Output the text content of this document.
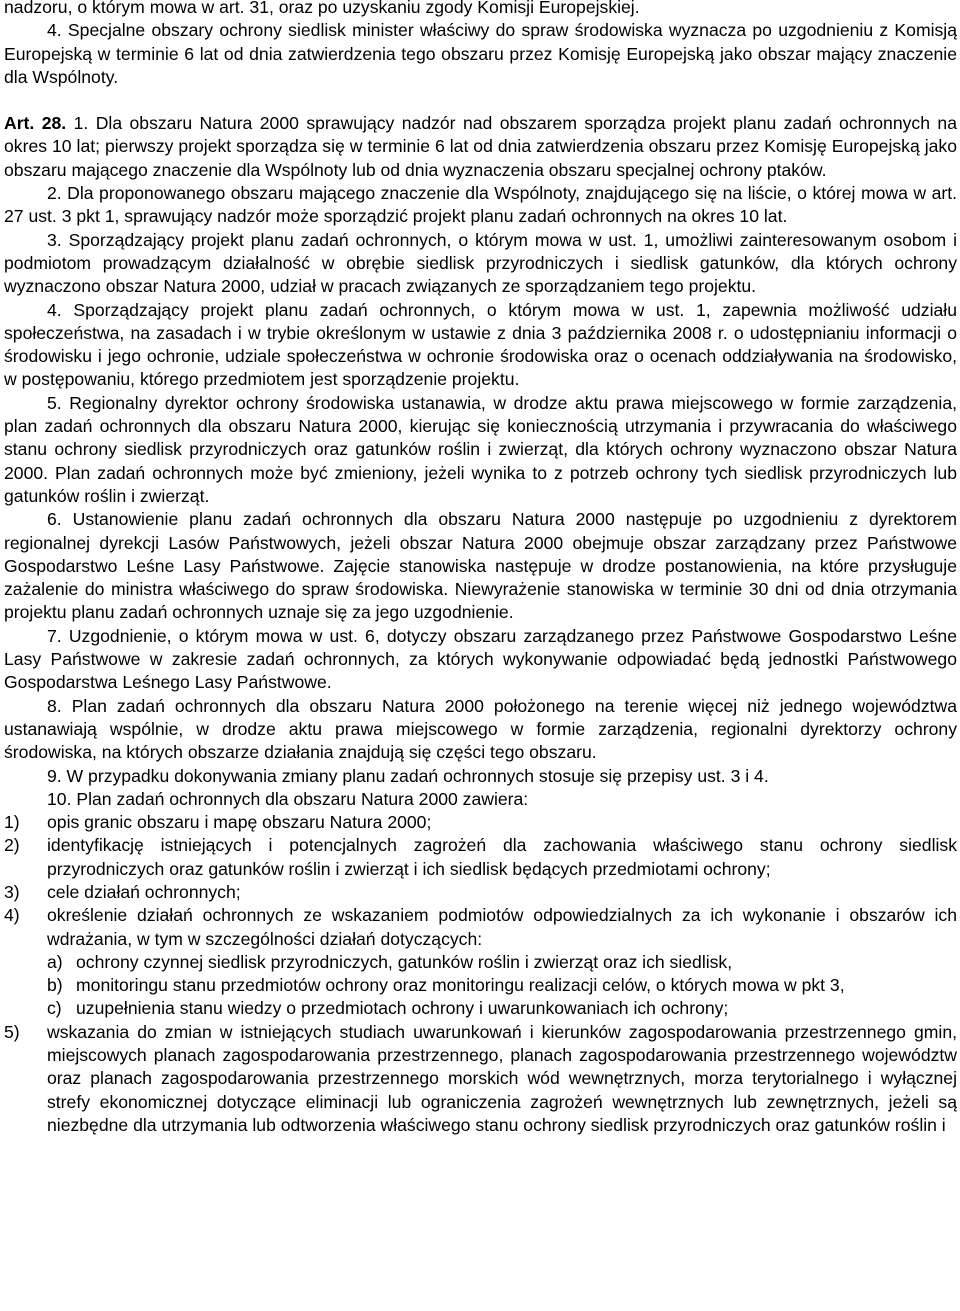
nadzoru, o którym mowa w art. 31, oraz po uzyskaniu zgody Komisji Europejskiej.

4. Specjalne obszary ochrony siedlisk minister właściwy do spraw środowiska wyznacza po uzgodnieniu z Komisją Europejską w terminie 6 lat od dnia zatwierdzenia tego obszaru przez Komisję Europejską jako obszar mający znaczenie dla Wspólnoty.

Art. 28. 1. Dla obszaru Natura 2000 sprawujący nadzór nad obszarem sporządza projekt planu zadań ochronnych na okres 10 lat; pierwszy projekt sporządza się w terminie 6 lat od dnia zatwierdzenia obszaru przez Komisję Europejską jako obszaru mającego znaczenie dla Wspólnoty lub od dnia wyznaczenia obszaru specjalnej ochrony ptaków.

2. Dla proponowanego obszaru mającego znaczenie dla Wspólnoty, znajdującego się na liście, o której mowa w art. 27 ust. 3 pkt 1, sprawujący nadzór może sporządzić projekt planu zadań ochronnych na okres 10 lat.

3. Sporządzający projekt planu zadań ochronnych, o którym mowa w ust. 1, umożliwi zainteresowanym osobom i podmiotom prowadzącym działalność w obrębie siedlisk przyrodniczych i siedlisk gatunków, dla których ochrony wyznaczono obszar Natura 2000, udział w pracach związanych ze sporządzaniem tego projektu.

4. Sporządzający projekt planu zadań ochronnych, o którym mowa w ust. 1, zapewnia możliwość udziału społeczeństwa, na zasadach i w trybie określonym w ustawie z dnia 3 października 2008 r. o udostępnianiu informacji o środowisku i jego ochronie, udziale społeczeństwa w ochronie środowiska oraz o ocenach oddziaływania na środowisko, w postępowaniu, którego przedmiotem jest sporządzenie projektu.

5. Regionalny dyrektor ochrony środowiska ustanawia, w drodze aktu prawa miejscowego w formie zarządzenia, plan zadań ochronnych dla obszaru Natura 2000, kierując się koniecznością utrzymania i przywracania do właściwego stanu ochrony siedlisk przyrodniczych oraz gatunków roślin i zwierząt, dla których ochrony wyznaczono obszar Natura 2000. Plan zadań ochronnych może być zmieniony, jeżeli wynika to z potrzeb ochrony tych siedlisk przyrodniczych lub gatunków roślin i zwierząt.

6. Ustanowienie planu zadań ochronnych dla obszaru Natura 2000 następuje po uzgodnieniu z dyrektorem regionalnej dyrekcji Lasów Państwowych, jeżeli obszar Natura 2000 obejmuje obszar zarządzany przez Państwowe Gospodarstwo Leśne Lasy Państwowe. Zajęcie stanowiska następuje w drodze postanowienia, na które przysługuje zażalenie do ministra właściwego do spraw środowiska. Niewyrażenie stanowiska w terminie 30 dni od dnia otrzymania projektu planu zadań ochronnych uznaje się za jego uzgodnienie.

7. Uzgodnienie, o którym mowa w ust. 6, dotyczy obszaru zarządzanego przez Państwowe Gospodarstwo Leśne Lasy Państwowe w zakresie zadań ochronnych, za których wykonywanie odpowiadać będą jednostki Państwowego Gospodarstwa Leśnego Lasy Państwowe.

8. Plan zadań ochronnych dla obszaru Natura 2000 położonego na terenie więcej niż jednego województwa ustanawiają wspólnie, w drodze aktu prawa miejscowego w formie zarządzenia, regionalni dyrektorzy ochrony środowiska, na których obszarze działania znajdują się części tego obszaru.

9. W przypadku dokonywania zmiany planu zadań ochronnych stosuje się przepisy ust. 3 i 4.

10. Plan zadań ochronnych dla obszaru Natura 2000 zawiera:

1)	opis granic obszaru i mapę obszaru Natura 2000;
2)	identyfikację istniejących i potencjalnych zagrożeń dla zachowania właściwego stanu ochrony siedlisk przyrodniczych oraz gatunków roślin i zwierząt i ich siedlisk będących przedmiotami ochrony;
3)	cele działań ochronnych;
4)	określenie działań ochronnych ze wskazaniem podmiotów odpowiedzialnych za ich wykonanie i obszarów ich wdrażania, w tym w szczególności działań dotyczących:
a) ochrony czynnej siedlisk przyrodniczych, gatunków roślin i zwierząt oraz ich siedlisk,
b) monitoringu stanu przedmiotów ochrony oraz monitoringu realizacji celów, o których mowa w pkt 3,
c) uzupełnienia stanu wiedzy o przedmiotach ochrony i uwarunkowaniach ich ochrony;
5)	wskazania do zmian w istniejących studiach uwarunkowań i kierunków zagospodarowania przestrzennego gmin, miejscowych planach zagospodarowania przestrzennego, planach zagospodarowania przestrzennego województw oraz planach zagospodarowania przestrzennego morskich wód wewnętrznych, morza terytorialnego i wyłącznej strefy ekonomicznej dotyczące eliminacji lub ograniczenia zagrożeń wewnętrznych lub zewnętrznych, jeżeli są niezbędne dla utrzymania lub odtworzenia właściwego stanu ochrony siedlisk przyrodniczych oraz gatunków roślin i
